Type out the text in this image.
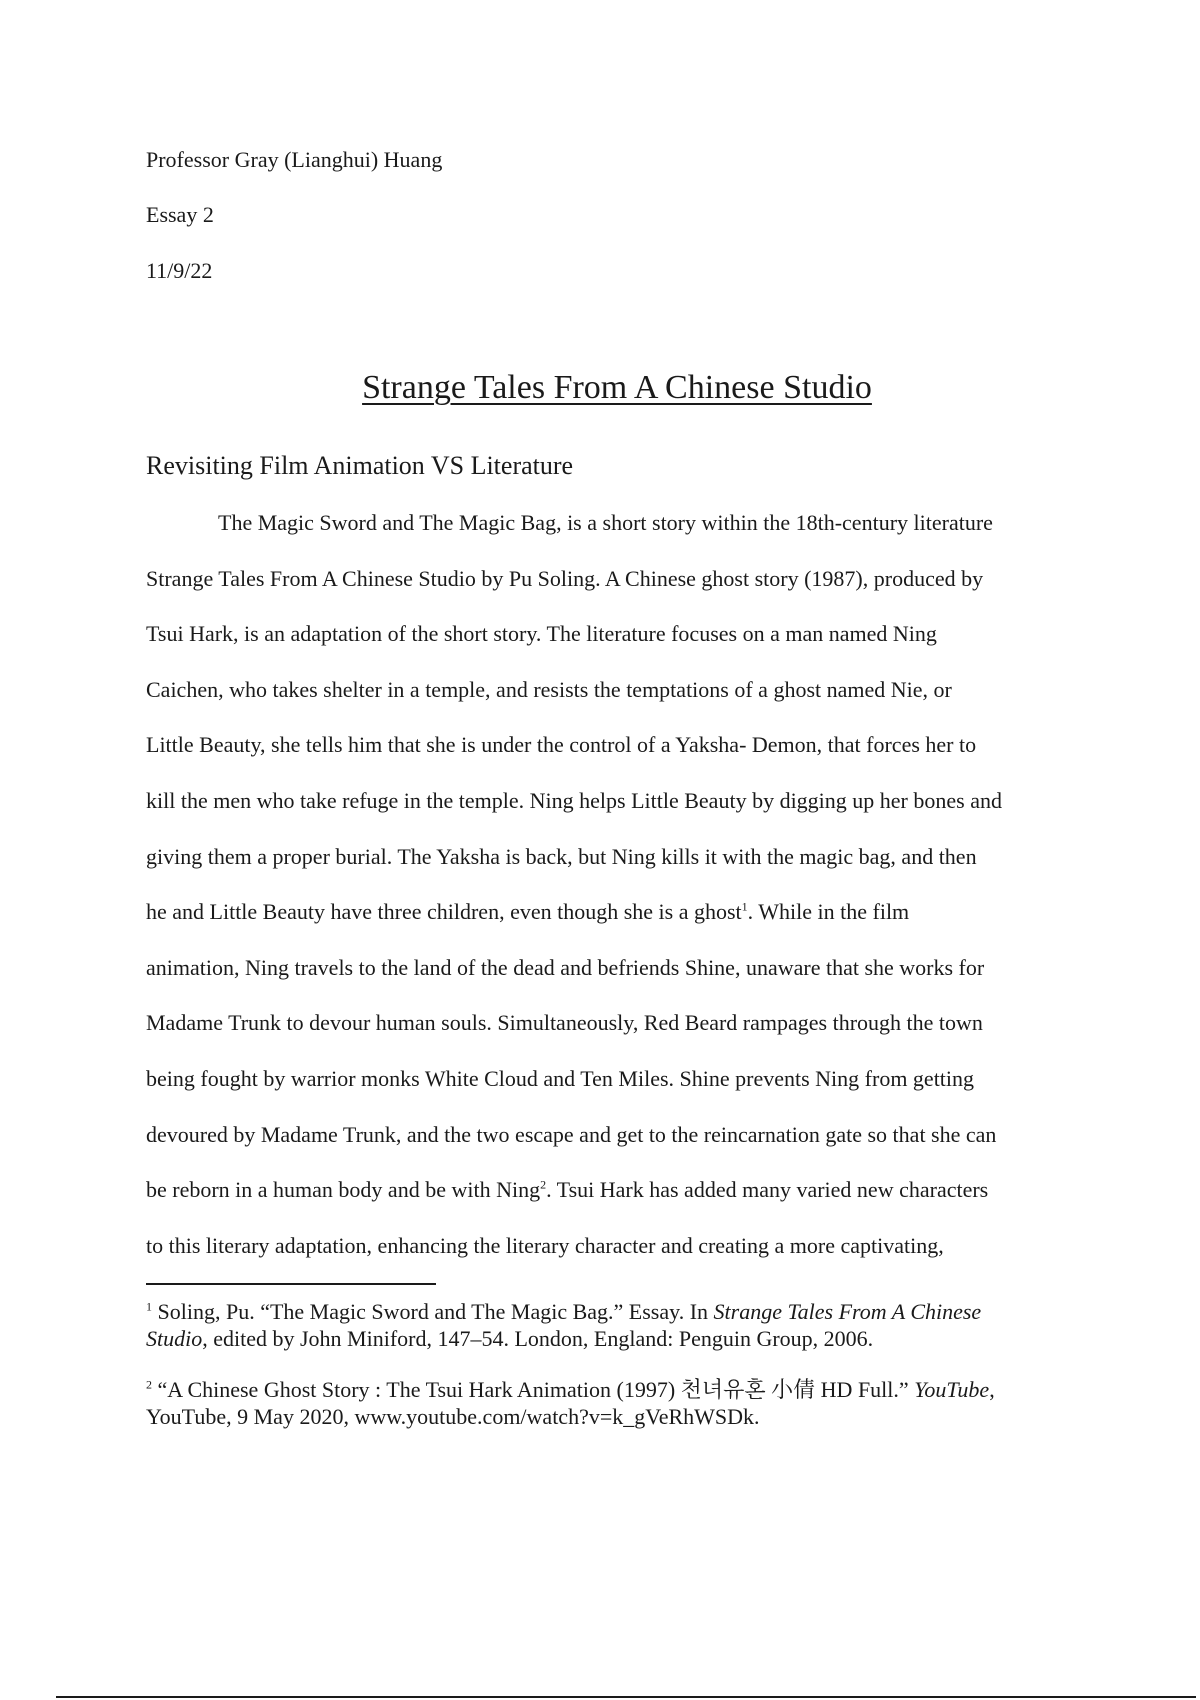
Professor Gray (Lianghui) Huang
Essay 2
11/9/22
Strange Tales From A Chinese Studio
Revisiting Film Animation VS Literature
The Magic Sword and The Magic Bag, is a short story within the 18th-century literature
Strange Tales From A Chinese Studio by Pu Soling. A Chinese ghost story (1987), produced by
Tsui Hark, is an adaptation of the short story. The literature focuses on a man named Ning
Caichen, who takes shelter in a temple, and resists the temptations of a ghost named Nie, or
Little Beauty, she tells him that she is under the control of a Yaksha- Demon, that forces her to
kill the men who take refuge in the temple. Ning helps Little Beauty by digging up her bones and
giving them a proper burial. The Yaksha is back, but Ning kills it with the magic bag, and then
he and Little Beauty have three children, even though she is a ghost$^1$. While in the film
animation, Ning travels to the land of the dead and befriends Shine, unaware that she works for
Madame Trunk to devour human souls. Simultaneously, Red Beard rampages through the town
being fought by warrior monks White Cloud and Ten Miles. Shine prevents Ning from getting
devoured by Madame Trunk, and the two escape and get to the reincarnation gate so that she can
be reborn in a human body and be with Ning$^2$. Tsui Hark has added many varied new characters
to this literary adaptation, enhancing the literary character and creating a more captivating,
$^1$ Soling, Pu. “The Magic Sword and The Magic Bag.” Essay. In Strange Tales From A Chinese
Studio, edited by John Miniford, 147–54. London, England: Penguin Group, 2006.
$^2$ “A Chinese Ghost Story : The Tsui Hark Animation (1997) 천녀유혼 小倩 HD Full.” YouTube,
YouTube, 9 May 2020, www.youtube.com/watch?v=k_gVeRhWSDk.
